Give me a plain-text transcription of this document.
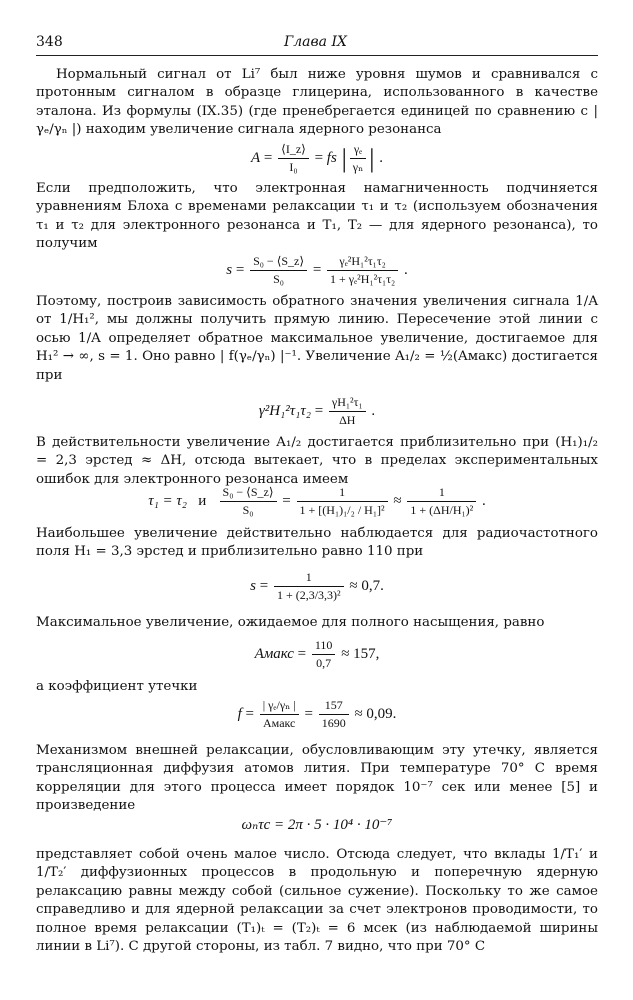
348	Глава IX

Нормальный сигнал от Li⁷ был ниже уровня шумов и сравнивался с протонным сигналом в образце глицерина, использованного в качестве эталона. Из формулы (IX.35) (где пренебрегается единицей по сравнению с | γₑ/γₙ |) находим увеличение сигнала ядерного резонанса

$A = \frac{⟨I\_z⟩}{\text{I₀}}$ = fs | $\frac{\text{γₑ}}{\text{γₙ}}$ | .

Если предположить, что электронная намагниченность подчиняется уравнениям Блоха с временами релаксации τ₁ и τ₂ (используем обозначения τ₁ и τ₂ для электронного резонанса и T₁, T₂ — для ядерного резонанса), то получим

$s = \frac{\text{S₀ − ⟨S\_z⟩}}{\text{S₀}} = \frac{\text{γₑ²H₁²τ₁τ₂}}{\text{1 + γₑ²H₁²τ₁τ₂}}$ .

Поэтому, построив зависимость обратного значения увеличения сигнала 1/A от 1/H₁², мы должны получить прямую линию. Пересечение этой линии с осью 1/A определяет обратное максимальное увеличение, достигаемое для H₁² → ∞, s = 1. Оно равно | f(γₑ/γₙ) |⁻¹. Увеличение A₁/₂ = ½(Aмакс) достигается при

$\gamma^2H_1^2\tau_1\tau_2 = \frac{\text{γH₁²τ₁}}{\Delta H}$ .

В действительности увеличение A₁/₂ достигается приблизительно при (H₁)₁/₂ = 2,3 эрстед ≈ ΔH, отсюда вытекает, что в пределах экспериментальных ошибок для электронного резонанса имеем

τ₁ = τ₂ и $\frac{\text{S₀ − ⟨S\_z⟩}}{\text{S₀}} = \frac{1}{\text{1 + [(H₁)₁/₂ / H₁]²}} \approx \frac{1}{\text{1 + (ΔH/H₁)²}}$ .

Наибольшее увеличение действительно наблюдается для радиочастотного поля H₁ = 3,3 эрстед и приблизительно равно 110 при

$s = \frac{1}{\text{1 + (2,3/3,3)²}} \approx 0,7$.

Максимальное увеличение, ожидаемое для полного насыщения, равно

Aмакс = $\frac{110}{0,7} \approx 157$,

а коэффициент утечки

$f = \frac{\text{| γₑ/γₙ |}}{\text{Aмакс}} = \frac{157}{1690} \approx 0,09$.

Механизмом внешней релаксации, обусловливающим эту утечку, является трансляционная диффузия атомов лития. При температуре 70° C время корреляции для этого процесса имеет порядок 10⁻⁷ сек или менее [5] и произведение

ωₙτc = 2π · 5 · 10⁴ · 10⁻⁷

представляет собой очень малое число. Отсюда следует, что вклады 1/T₁′ и 1/T₂′ диффузионных процессов в продольную и поперечную ядерную релаксацию равны между собой (сильное сужение). Поскольку то же самое справедливо и для ядерной релаксации за счет электронов проводимости, то полное время релаксации (T₁)ₜ = (T₂)ₜ = 6 мсек (из наблюдаемой ширины линии в Li⁷). С другой стороны, из табл. 7 видно, что при 70° C
